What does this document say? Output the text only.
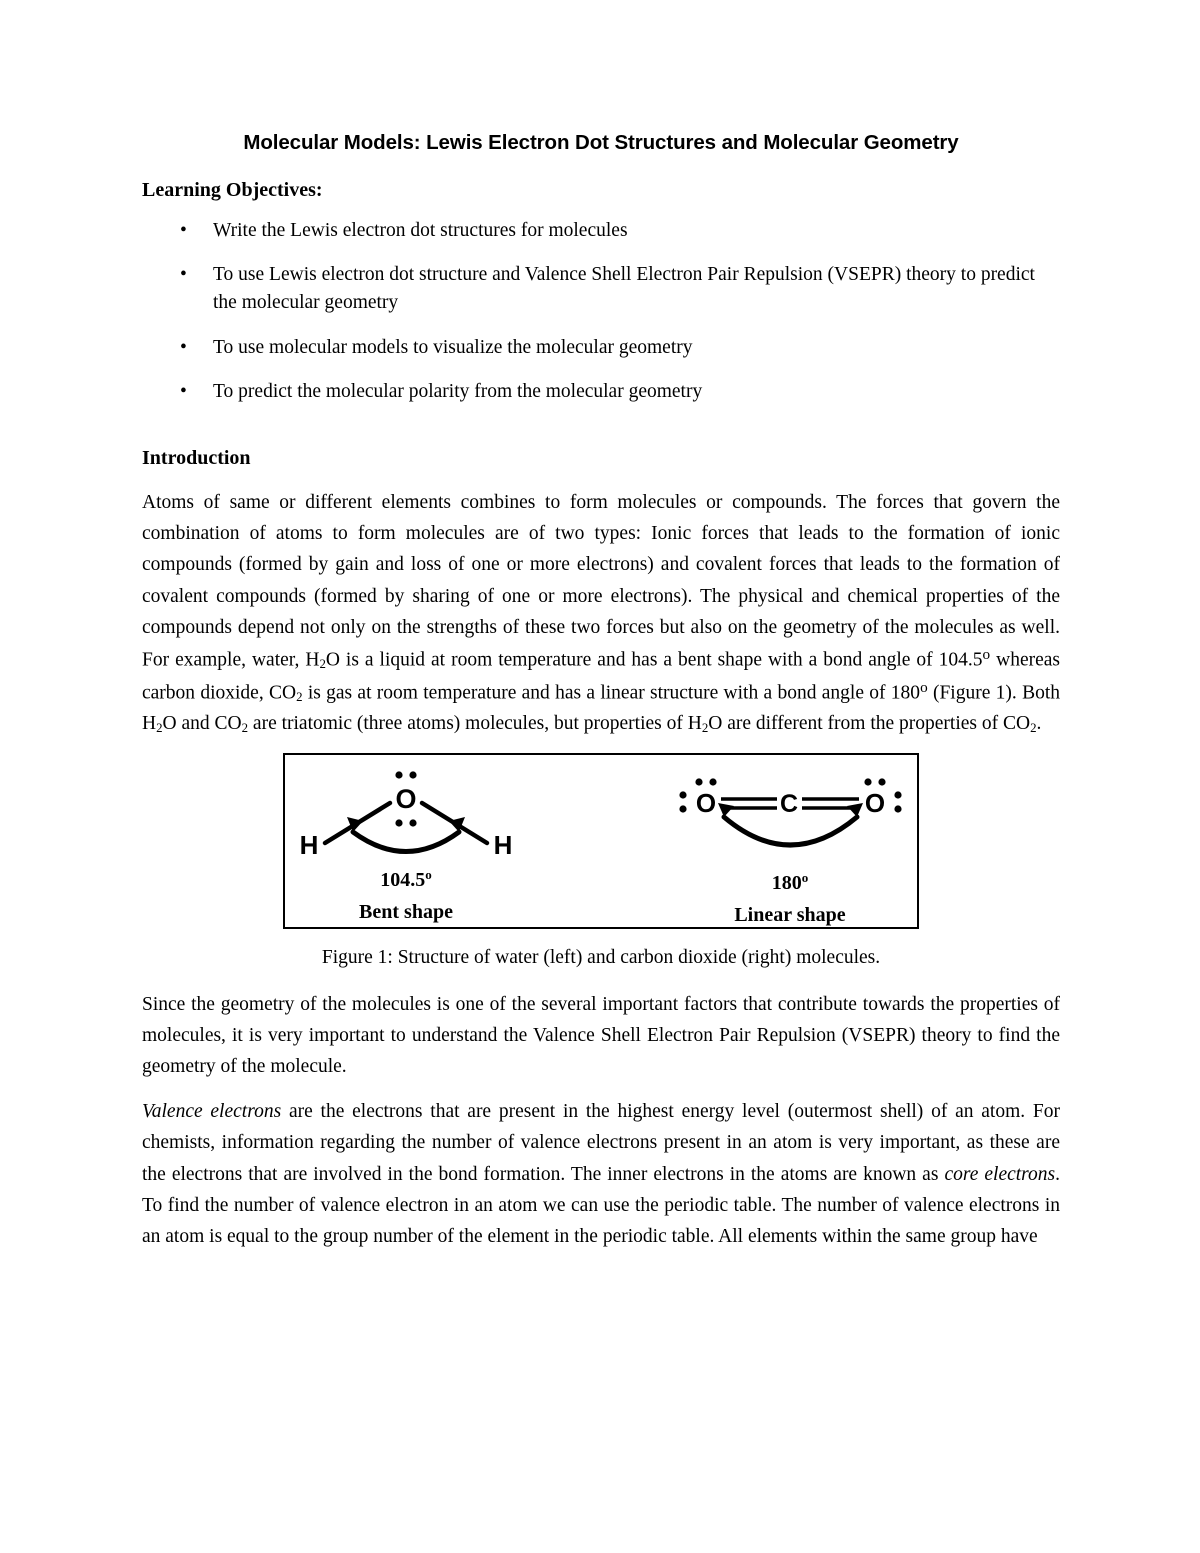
Molecular Models: Lewis Electron Dot Structures and Molecular Geometry
Learning Objectives:
• Write the Lewis electron dot structures for molecules
• To use Lewis electron dot structure and Valence Shell Electron Pair Repulsion (VSEPR) theory to predict the molecular geometry
• To use molecular models to visualize the molecular geometry
• To predict the molecular polarity from the molecular geometry
Introduction

Atoms of same or different elements combines to form molecules or compounds. The forces that govern the combination of atoms to form molecules are of two types: Ionic forces that leads to the formation of ionic compounds (formed by gain and loss of one or more electrons) and covalent forces that leads to the formation of covalent compounds (formed by sharing of one or more electrons). The physical and chemical properties of the compounds depend not only on the strengths of these two forces but also on the geometry of the molecules as well. For example, water, $H_2O$ is a liquid at room temperature and has a bent shape with a bond angle of 104.5$^o$ whereas carbon dioxide, $CO_2$ is gas at room temperature and has a linear structure with a bond angle of 180$^o$ (Figure 1). Both $H_2O$ and $CO_2$ are triatomic (three atoms) molecules, but properties of $H_2O$ are different from the properties of $CO_2$.

O
H	H
104.5$^o$
Bent shape
O	C	O
180$^o$
Linear shape
Figure 1: Structure of water (left) and carbon dioxide (right) molecules.

Since the geometry of the molecules is one of the several important factors that contribute towards the properties of molecules, it is very important to understand the Valence Shell Electron Pair Repulsion (VSEPR) theory to find the geometry of the molecule.

Valence electrons are the electrons that are present in the highest energy level (outermost shell) of an atom. For chemists, information regarding the number of valence electrons present in an atom is very important, as these are the electrons that are involved in the bond formation. The inner electrons in the atoms are known as core electrons. To find the number of valence electron in an atom we can use the periodic table. The number of valence electrons in an atom is equal to the group number of the element in the periodic table. All elements within the same group have
